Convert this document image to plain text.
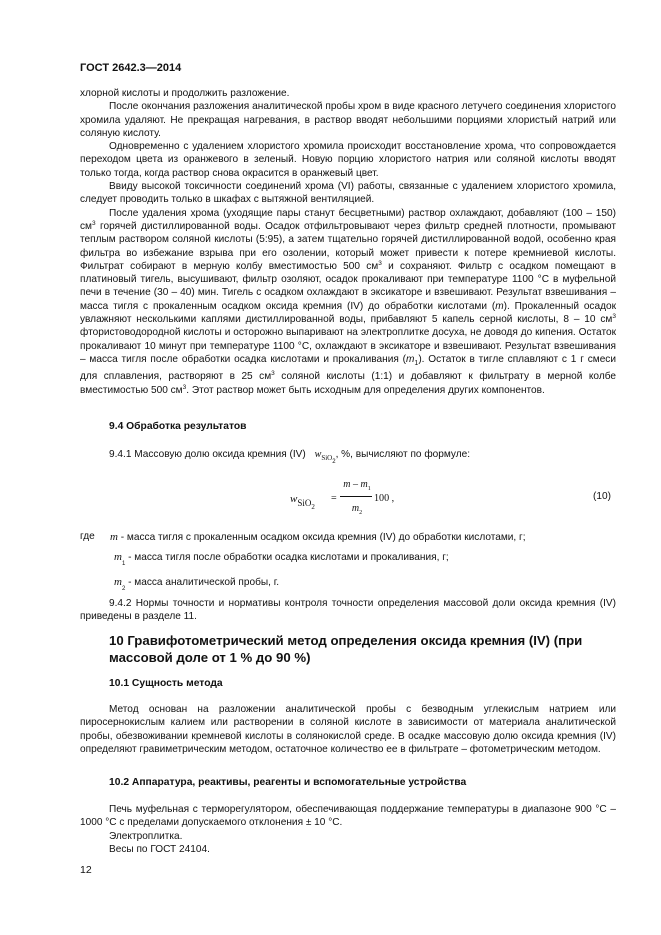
ГОСТ 2642.3—2014

хлорной кислоты и продолжить разложение.

После окончания разложения аналитической пробы хром в виде красного летучего соединения хлористого хромила удаляют. Не прекращая нагревания, в раствор вводят небольшими порциями хлористый натрий или соляную кислоту.

Одновременно с удалением хлористого хромила происходит восстановление хрома, что сопровождается переходом цвета из оранжевого в зеленый. Новую порцию хлористого натрия или соляной кислоты вводят только тогда, когда раствор снова окрасится в оранжевый цвет.

Ввиду высокой токсичности соединений хрома (VI) работы, связанные с удалением хлористого хромила, следует проводить только в шкафах с вытяжной вентиляцией.

После удаления хрома (уходящие пары станут бесцветными) раствор охлаждают, добавляют (100 – 150) $см^3$ горячей дистиллированной воды. Осадок отфильтровывают через фильтр средней плотности, промывают теплым раствором соляной кислоты (5:95), а затем тщательно горячей дистиллированной водой, особенно края фильтра во избежание взрыва при его озолении, который может привести к потере кремниевой кислоты. Фильтрат собирают в мерную колбу вместимостью 500 $см^3$ и сохраняют. Фильтр с осадком помещают в платиновый тигель, высушивают, фильтр озоляют, осадок прокаливают при температуре 1100 °С в муфельной печи в течение (30 – 40) мин. Тигель с осадком охлаждают в эксикаторе и взвешивают. Результат взвешивания – масса тигля с прокаленным осадком оксида кремния (IV) до обработки кислотами (m). Прокаленный осадок увлажняют несколькими каплями дистиллированной воды, прибавляют 5 капель серной кислоты, 8 – 10 $см^3$ фтористоводородной кислоты и осторожно выпаривают на электроплитке досуха, не доводя до кипения. Остаток прокаливают 10 минут при температуре 1100 °С, охлаждают в эксикаторе и взвешивают. Результат взвешивания – масса тигля после обработки осадка кислотами и прокаливания $(m_1)$. Остаток в тигле сплавляют с 1 г смеси для сплавления, растворяют в 25 $см^3$ соляной кислоты (1:1) и добавляют к фильтрату в мерной колбе вместимостью 500 $см^3$. Этот раствор может быть исходным для определения других компонентов.

9.4 Обработка результатов
9.4.1 Массовую долю оксида кремния (IV) $w_{SiO2}$, %, вычисляют по формуле:
wSiO$_2$
=
m – $m_1$
$m_2$
100 ,	(10)
где m - масса тигля с прокаленным осадком оксида кремния (IV) до обработки кислотами, г;
$m_1$ - масса тигля после обработки осадка кислотами и прокаливания, г;
$m_2$ - масса аналитической пробы, г.

9.4.2 Нормы точности и нормативы контроля точности определения массовой доли оксида кремния (IV) приведены в разделе 11.

10 Гравифотометрический метод определения оксида кремния (IV) (при массовой доле от 1 % до 90 %)
10.1 Сущность метода

Метод основан на разложении аналитической пробы с безводным углекислым натрием или пиросернокислым калием или растворении в соляной кислоте в зависимости от материала аналитической пробы, обезвоживании кремневой кислоты в солянокислой среде. В осадке массовую долю оксида кремния (IV) определяют гравиметрическим методом, остаточное количество ее в фильтрате – фотометрическим методом.

10.2 Аппаратура, реактивы, реагенты и вспомогательные устройства

Печь муфельная с терморегулятором, обеспечивающая поддержание температуры в диапазоне 900 °С – 1000 °С с пределами допускаемого отклонения ± 10 °С.

Электроплитка.

Весы по ГОСТ 24104.

12
